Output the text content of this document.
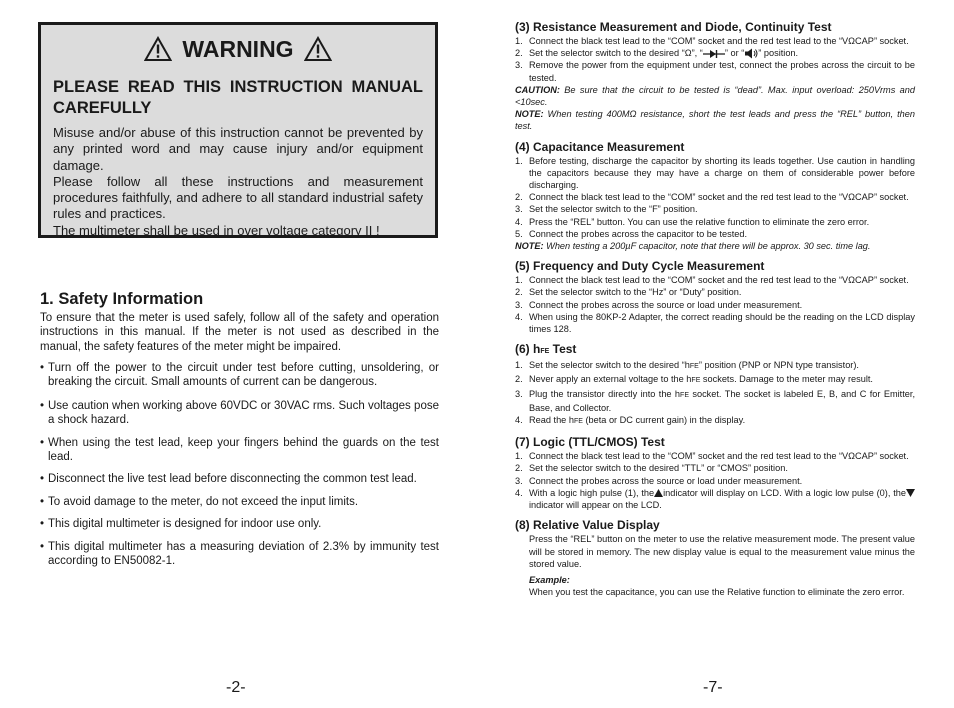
WARNING

PLEASE READ THIS INSTRUCTION MANUAL CAREFULLY

Misuse and/or abuse of this instruction cannot be prevented by any printed word and may cause injury and/or equipment damage.

Please follow all these instructions and measurement procedures faithfully, and adhere to all standard industrial safety rules and practices.

The multimeter shall be used in over voltage category II !

1. Safety Information

To ensure that the meter is used safely, follow all of the safety and operation instructions in this manual. If the meter is not used as described in the manual, the safety features of the meter might be impaired.

• Turn off the power to the circuit under test before cutting, unsoldering, or breaking the circuit. Small amounts of current can be dangerous.
• Use caution when working above 60VDC or 30VAC rms. Such voltages pose a shock hazard.
• When using the test lead, keep your fingers behind the guards on the test lead.
• Disconnect the live test lead before disconnecting the common test lead.
• To avoid damage to the meter, do not exceed the input limits.
• This digital multimeter is designed for indoor use only.
• This digital multimeter has a measuring deviation of 2.3% by immunity test according to EN50082-1.
-2-
(3) Resistance Measurement and Diode, Continuity Test
1. Connect the black test lead to the “COM” socket and the red test lead to the “VΩCAP” socket.
2. Set the selector switch to the desired “Ω”, “ ” or “ ” position.
3. Remove the power from the equipment under test, connect the probes across the circuit to be tested.
CAUTION: Be sure that the circuit to be tested is “dead”. Max. input overload: 250Vrms and <10sec.
NOTE: When testing 400MΩ resistance, short the test leads and press the “REL” button, then test.
(4) Capacitance Measurement
1. Before testing, discharge the capacitor by shorting its leads together. Use caution in handling the capacitors because they may have a charge on them of considerable power before discharging.
2. Connect the black test lead to the “COM” socket and the red test lead to the “VΩCAP” socket.
3. Set the selector switch to the “F” position.
4. Press the “REL” button. You can use the relative function to eliminate the zero error.
5. Connect the probes across the capacitor to be tested.
NOTE: When testing a 200µF capacitor, note that there will be approx. 30 sec. time lag.
(5) Frequency and Duty Cycle Measurement
1. Connect the black test lead to the “COM” socket and the red test lead to the “VΩCAP” socket.
2. Set the selector switch to the “Hz” or “Duty” position.
3. Connect the probes across the source or load under measurement.
4. When using the 80KP-2 Adapter, the correct reading should be the reading on the LCD display times 128.
(6) hFE Test
1. Set the selector switch to the desired “hFE” position (PNP or NPN type transistor).
2. Never apply an external voltage to the hFE sockets. Damage to the meter may result.
3. Plug the transistor directly into the hFE socket. The socket is labeled E, B, and C for Emitter, Base, and Collector.
4. Read the hFE (beta or DC current gain) in the display.
(7) Logic (TTL/CMOS) Test
1. Connect the black test lead to the “COM” socket and the red test lead to the “VΩCAP” socket.
2. Set the selector switch to the desired “TTL” or “CMOS” position.
3. Connect the probes across the source or load under measurement.
4. With a logic high pulse (1), the indicator will display on LCD. With a logic low pulse (0), theindicator will appear on the LCD.
(8) Relative Value Display
Press the “REL” button on the meter to use the relative measurement mode. The present value will be stored in memory. The new display value is equal to the measurement value minus the stored value.
Example:
When you test the capacitance, you can use the Relative function to eliminate the zero error.
-7-
